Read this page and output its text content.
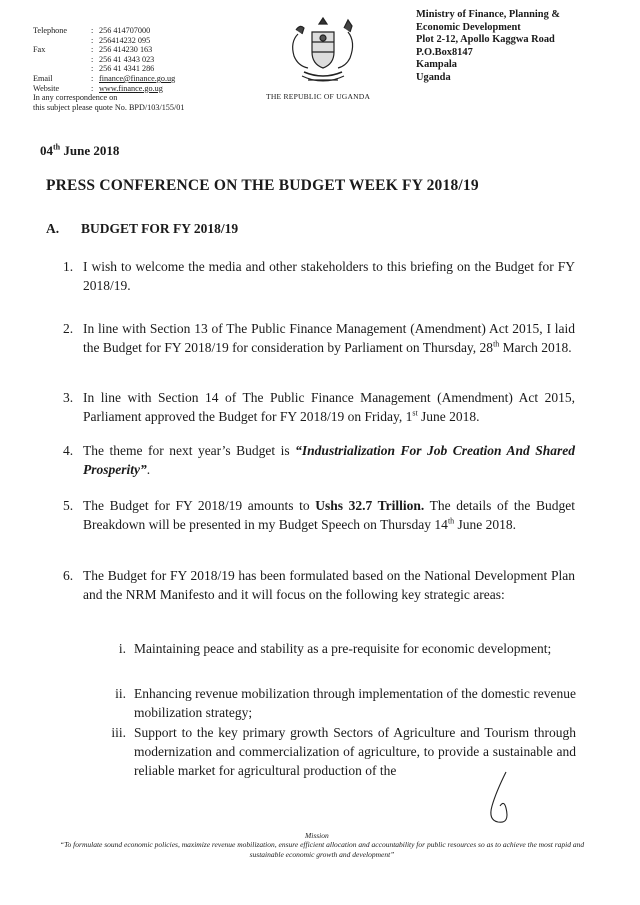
Telephone	: 256 414707000
: 256414232 095
Fax	: 256 414230 163
: 256 41 4343 023
: 256 41 4341 286
Email	: finance@finance.go.ug
Website	: www.finance.go.ug
In any correspondence on
this subject please quote No. BPD/103/155/01
THE REPUBLIC OF UGANDA
Ministry of Finance, Planning &
Economic Development
Plot 2-12, Apollo Kaggwa Road
P.O.Box8147
Kampala
Uganda
04th June 2018
PRESS CONFERENCE ON THE BUDGET WEEK FY 2018/19
A. BUDGET FOR FY 2018/19
1. I wish to welcome the media and other stakeholders to this briefing on the Budget for FY 2018/19.
2. In line with Section 13 of The Public Finance Management (Amendment) Act 2015, I laid the Budget for FY 2018/19 for consideration by Parliament on Thursday, 28th March 2018.
3. In line with Section 14 of The Public Finance Management (Amendment) Act 2015, Parliament approved the Budget for FY 2018/19 on Friday, 1st June 2018.
4. The theme for next year’s Budget is “Industrialization For Job Creation And Shared Prosperity”.
5. The Budget for FY 2018/19 amounts to Ushs 32.7 Trillion. The details of the Budget Breakdown will be presented in my Budget Speech on Thursday 14th June 2018.
6. The Budget for FY 2018/19 has been formulated based on the National Development Plan and the NRM Manifesto and it will focus on the following key strategic areas:
i. Maintaining peace and stability as a pre-requisite for economic development;
ii. Enhancing revenue mobilization through implementation of the domestic revenue mobilization strategy;
iii. Support to the key primary growth Sectors of Agriculture and Tourism through modernization and commercialization of agriculture, to provide a sustainable and reliable market for agricultural production of the
Mission
“To formulate sound economic policies, maximize revenue mobilization, ensure efficient allocation and accountability for public resources so as to achieve the most rapid and sustainable economic growth and development”
